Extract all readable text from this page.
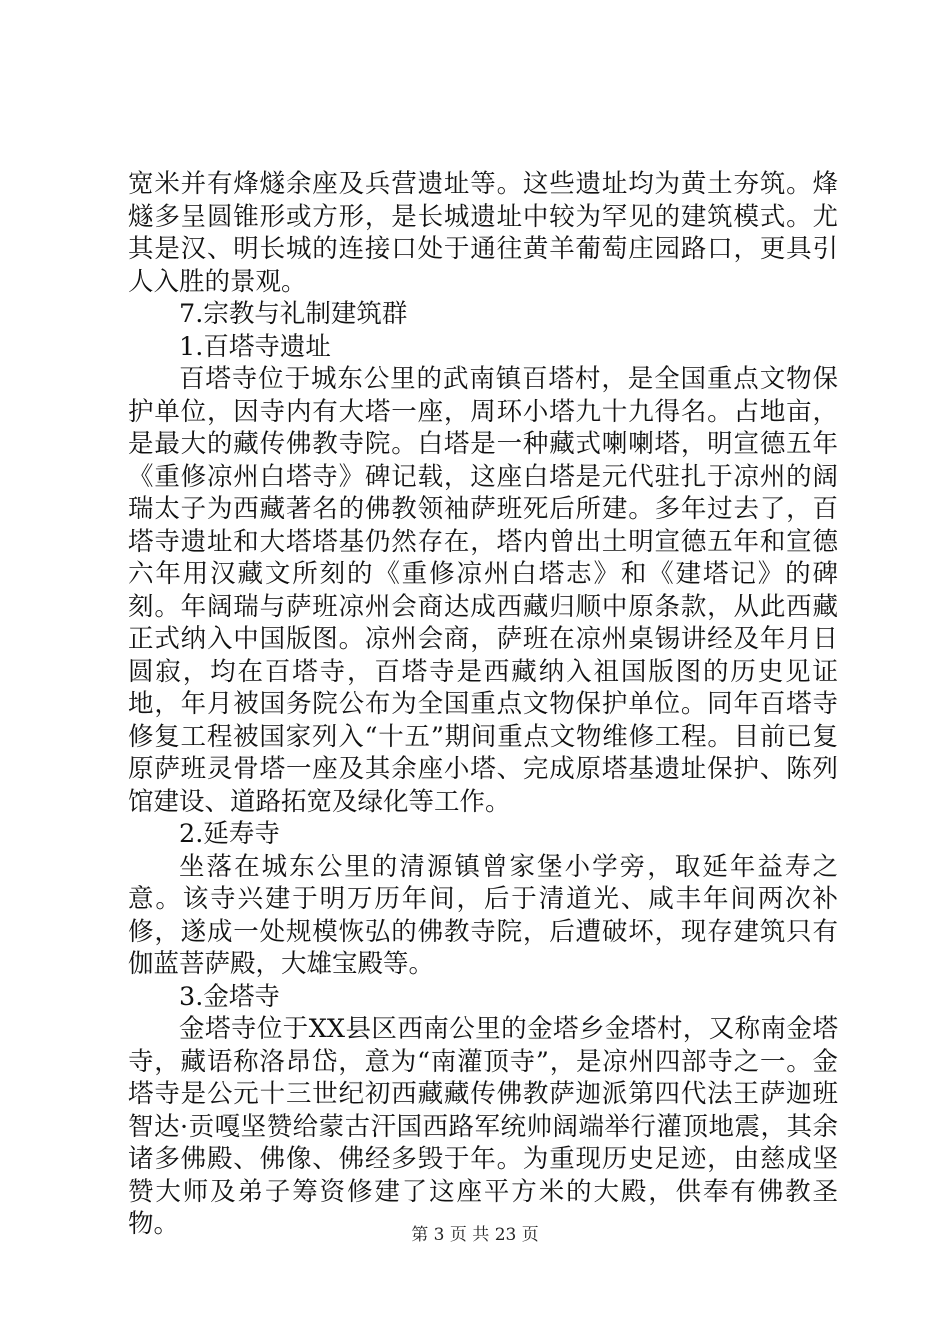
宽米并有烽燧余座及兵营遗址等。这些遗址均为黄土夯筑。烽燧多呈圆锥形或方形，是长城遗址中较为罕见的建筑模式。尤其是汉、明长城的连接口处于通往黄羊葡萄庄园路口，更具引人入胜的景观。

7.宗教与礼制建筑群

1.百塔寺遗址

百塔寺位于城东公里的武南镇百塔村，是全国重点文物保护单位，因寺内有大塔一座，周环小塔九十九得名。占地亩，是最大的藏传佛教寺院。白塔是一种藏式喇喇塔，明宣德五年《重修凉州白塔寺》碑记载，这座白塔是元代驻扎于凉州的阔瑞太子为西藏著名的佛教领袖萨班死后所建。多年过去了，百塔寺遗址和大塔塔基仍然存在，塔内曾出土明宣德五年和宣德六年用汉藏文所刻的《重修凉州白塔志》和《建塔记》的碑刻。年阔瑞与萨班凉州会商达成西藏归顺中原条款，从此西藏正式纳入中国版图。凉州会商，萨班在凉州桌锡讲经及年月日圆寂，均在百塔寺，百塔寺是西藏纳入祖国版图的历史见证地，年月被国务院公布为全国重点文物保护单位。同年百塔寺修复工程被国家列入“十五”期间重点文物维修工程。目前已复原萨班灵骨塔一座及其余座小塔、完成原塔基遗址保护、陈列馆建设、道路拓宽及绿化等工作。

2.延寿寺

坐落在城东公里的清源镇曾家堡小学旁，取延年益寿之意。该寺兴建于明万历年间，后于清道光、咸丰年间两次补修，遂成一处规模恢弘的佛教寺院，后遭破坏，现存建筑只有伽蓝菩萨殿，大雄宝殿等。

3.金塔寺

金塔寺位于XX县区西南公里的金塔乡金塔村，又称南金塔寺，藏语称洛昂岱，意为“南灌顶寺”，是凉州四部寺之一。金塔寺是公元十三世纪初西藏藏传佛教萨迦派第四代法王萨迦班智达·贡嘎坚赞给蒙古汗国西路军统帅阔端举行灌顶地震，其余诸多佛殿、佛像、佛经多毁于年。为重现历史足迹，由慈成坚赞大师及弟子筹资修建了这座平方米的大殿，供奉有佛教圣物。	第 3 页 共 23 页
